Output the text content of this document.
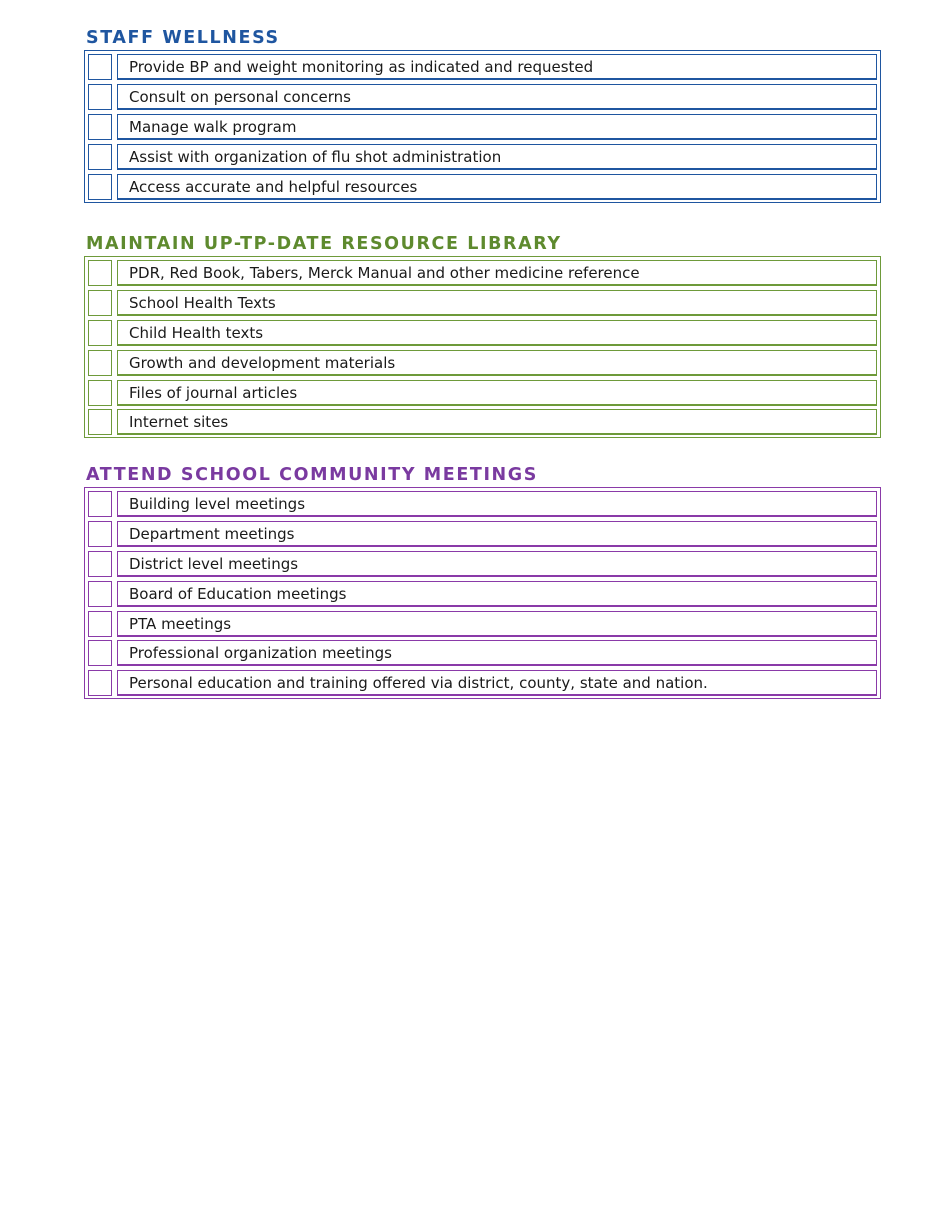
STAFF WELLNESS
Provide BP and weight monitoring as indicated and requested
Consult on personal concerns
Manage walk program
Assist with organization of flu shot administration
Access accurate and helpful resources
MAINTAIN UP-TP-DATE RESOURCE LIBRARY
PDR, Red Book, Tabers, Merck Manual and other medicine reference
School Health Texts
Child Health texts
Growth and development materials
Files of journal articles
Internet sites
ATTEND SCHOOL COMMUNITY MEETINGS
Building level meetings
Department meetings
District level meetings
Board of Education meetings
PTA meetings
Professional organization meetings
Personal education and training offered via district, county, state and nation.
